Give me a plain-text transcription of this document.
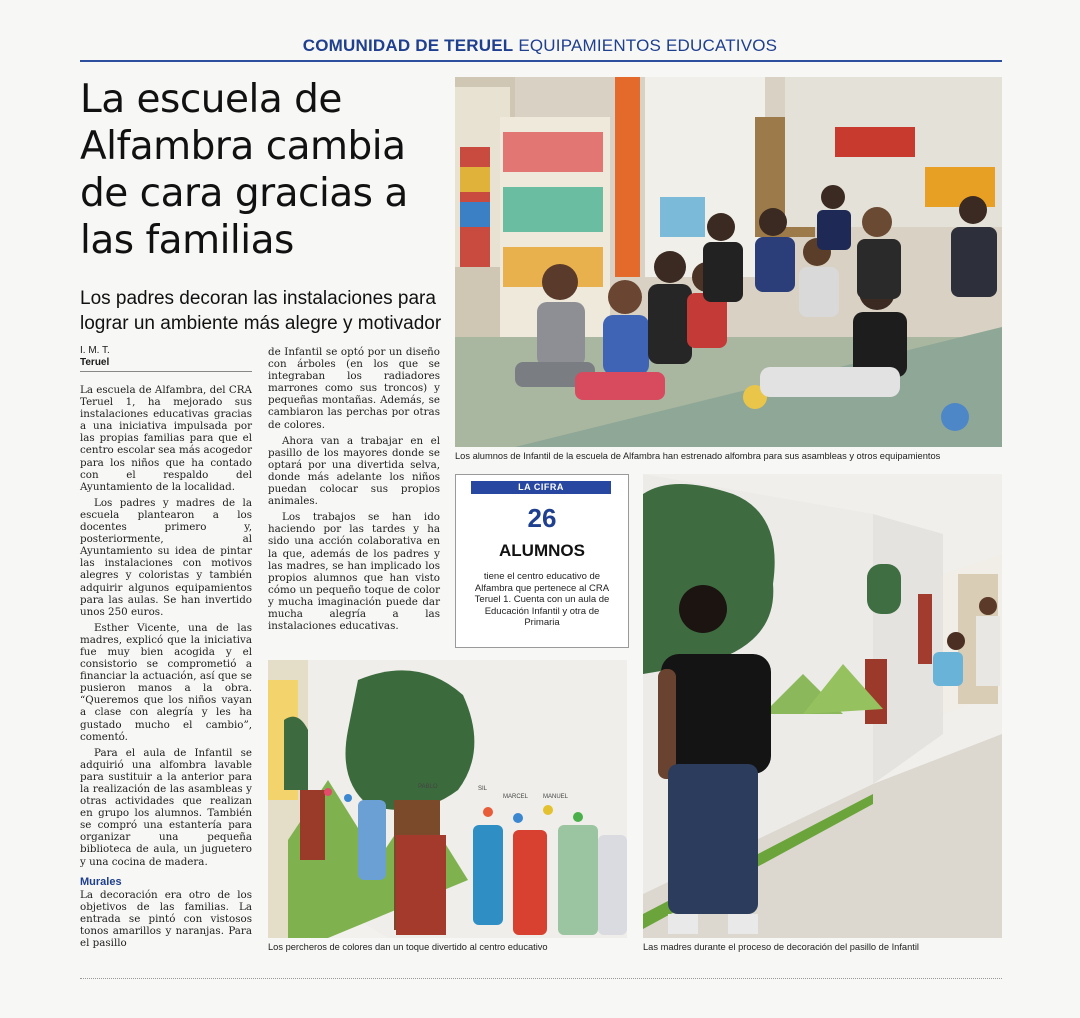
COMUNIDAD DE TERUEL EQUIPAMIENTOS EDUCATIVOS
La escuela de Alfambra cambia de cara gracias a las familias
Los padres decoran las instalaciones para lograr un ambiente más alegre y motivador
I. M. T.
Teruel

La escuela de Alfambra, del CRA Teruel 1, ha mejorado sus instalaciones educativas gracias a una iniciativa impulsada por las propias familias para que el centro escolar sea más acogedor para los niños que ha contado con el respaldo del Ayuntamiento de la localidad.

Los padres y madres de la escuela plantearon a los docentes primero y, posteriormente, al Ayuntamiento su idea de pintar las instalaciones con motivos alegres y coloristas y también adquirir algunos equipamientos para las aulas. Se han invertido unos 250 euros.

Esther Vicente, una de las madres, explicó que la iniciativa fue muy bien acogida y el consistorio se comprometió a financiar la actuación, así que se pusieron manos a la obra. “Queremos que los niños vayan a clase con alegría y les ha gustado mucho el cambio”, comentó.

Para el aula de Infantil se adquirió una alfombra lavable para sustituir a la anterior para la realización de las asambleas y otras actividades que realizan en grupo los alumnos. También se compró una estantería para organizar una pequeña biblioteca de aula, un juguetero y una cocina de madera.

Murales

La decoración era otro de los objetivos de las familias. La entrada se pintó con vistosos tonos amarillos y naranjas. Para el pasillo

de Infantil se optó por un diseño con árboles (en los que se integraban los radiadores marrones como sus troncos) y pequeñas montañas. Además, se cambiaron las perchas por otras de colores.

Ahora van a trabajar en el pasillo de los mayores donde se optará por una divertida selva, donde más adelante los niños puedan colocar sus propios animales.

Los trabajos se han ido haciendo por las tardes y ha sido una acción colaborativa en la que, además de los padres y las madres, se han implicado los propios alumnos que han visto cómo un pequeño toque de color y mucha imaginación puede dar mucha alegría a las instalaciones educativas.

Los alumnos de Infantil de la escuela de Alfambra han estrenado alfombra para sus asambleas y otros equipamientos
LA CIFRA
26
ALUMNOS
tiene el centro educativo de Alfambra que pertenece al CRA Teruel 1. Cuenta con un aula de Educación Infantil y otra de Primaria
Las madres durante el proceso de decoración del pasillo de Infantil
PABLO	SIL
MARCEL MANUEL
Los percheros de colores dan un toque divertido al centro educativo
